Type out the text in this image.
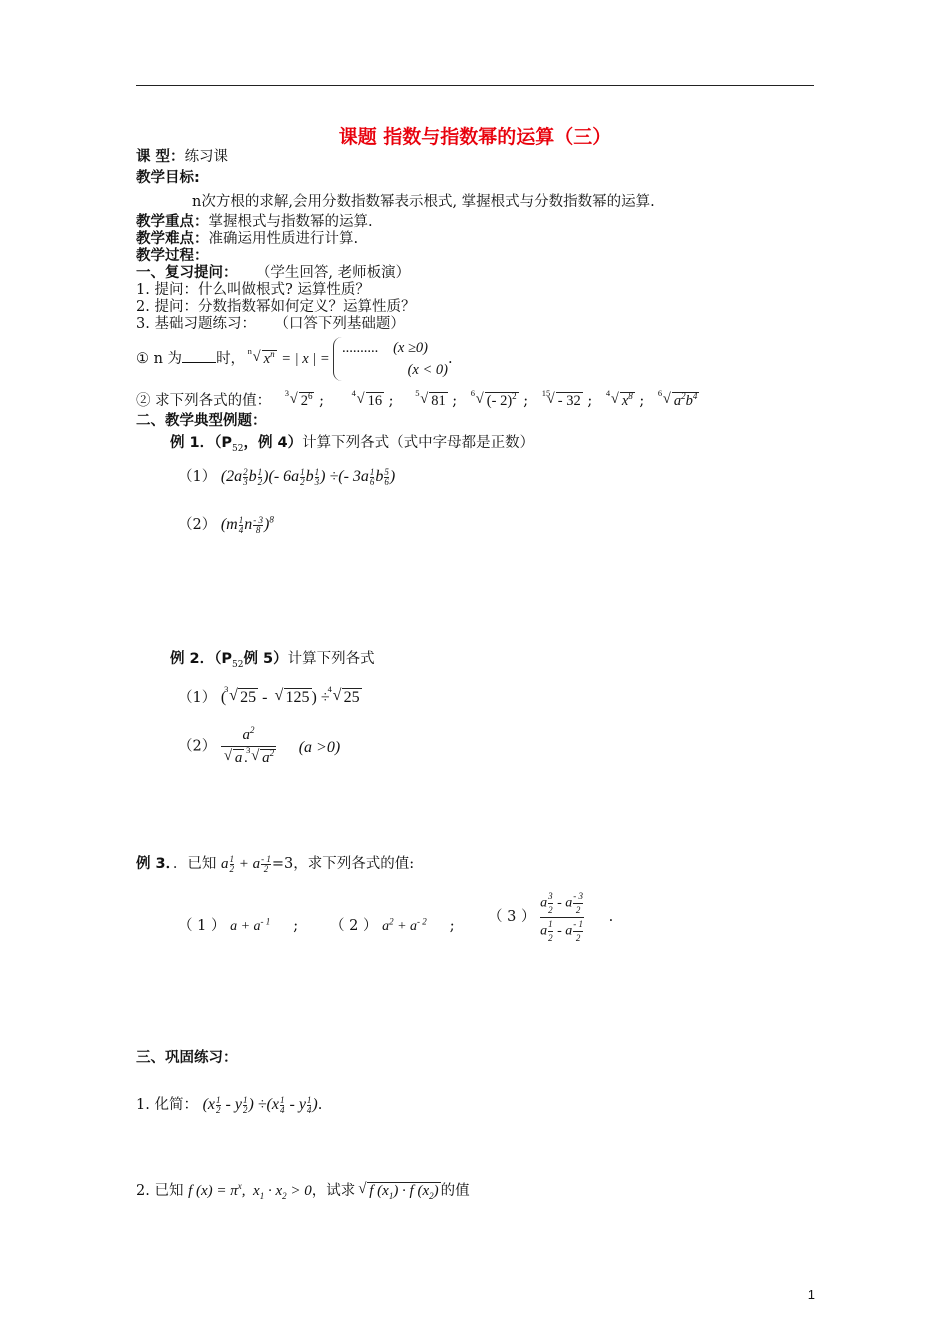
课题 指数与指数幂的运算（三）
课 型：练习课
教学目标:
n次方根的求解,会用分数指数幂表示根式, 掌握根式与分数指数幂的运算.
教学重点：掌握根式与指数幂的运算.
教学难点：准确运用性质进行计算.
教学过程：
一、复习提问： （学生回答, 老师板演）
1. 提问：什么叫做根式? 运算性质？
2. 提问：分数指数幂如何定义？运算性质？
3. 基础习题练习： （口答下列基础题）
① n 为 时， n √ $x^n$ = | x | =
.......... (x ≥0)
(x < 0)
.
② 求下列各式的值： 3 √ $2^6$ ;	4 √ 16 ; 5 √ 81 ; 6 √ (- 2)$^2$ ; 15
√ - 32 ; 4 √ $x^8$ ; 6 √ $a^2b^4$
二、教学典型例题：
例 1．（$P_{52}$，例 4）计算下列各式（式中字母都是正数）
（1） ($2a \frac{2}{3}$ b $\frac{1}{2}$ )(- $6a \frac{1}{2}$ b $\frac{1}{3}$ ) ÷(- $3a \frac{1}{6}$ b $\frac{5}{6}$ )
（2） ($m \frac{1}{4}$ n $\frac{- 3}{8} )^8$
例 2．（$P_{52}$例 5）计算下列各式
（1） (
3 √ 25 - √ 125 ) ÷
4 √ 25
（2） $a^2$
√ a .
3 √ $a^2$ (a >0)
例 3．．已知 a $\frac{1}{2} + a \frac{- 1}{2} =3$，求下列各式的值:
（ 1 ） $a + a^{- 1}$     ; （ 2 ） $a^2 + a^{- 2}$     ;
（ 3 ） $\frac{a \frac{3}{2} - a \frac{- 3}{2}}{a \frac{1}{2} - a \frac{- 1}{2}}$ .
三、巩固练习：
1. 化简： ($x \frac{1}{2}$ - y $\frac{1}{2}$ ) $\div(x \frac{1}{4} - y \frac{1}{4}$ ).
2. 已知 f $(x) = \pi^x$,  $x_1 \cdot x_2 > 0$，试求 √ f $(x_1) \cdot f$ $(x_2)$ 的值
1
